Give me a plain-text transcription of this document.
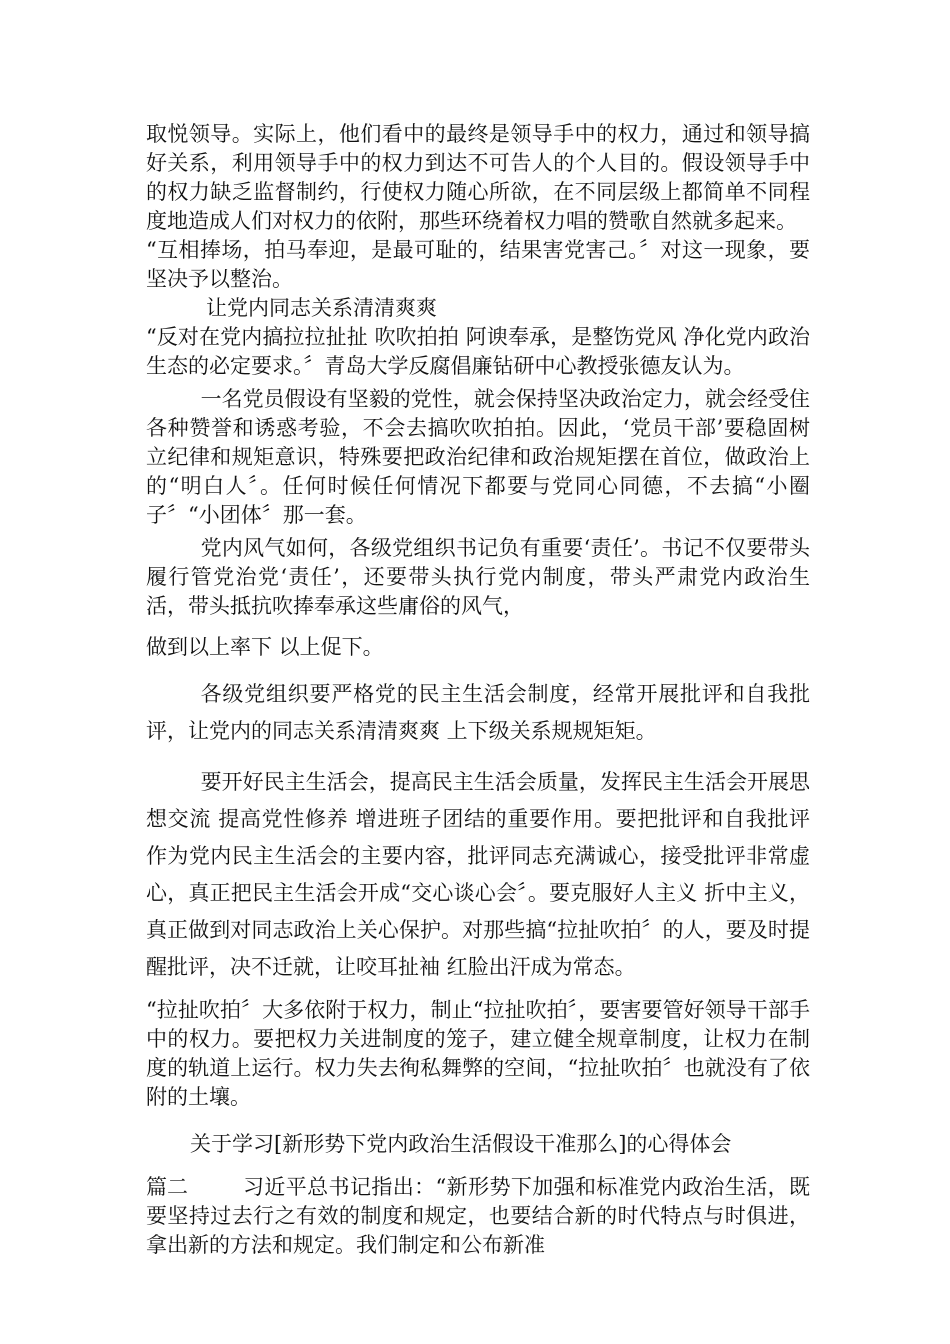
取悦领导。实际上，他们看中的最终是领导手中的权力，通过和领导搞好关系，利用领导手中的权力到达不可告人的个人目的。假设领导手中的权力缺乏监督制约，行使权力随心所欲，在不同层级上都简单不同程度地造成人们对权力的依附，那些环绕着权力唱的赞歌自然就多起来。

“互相捧场，拍马奉迎，是最可耻的，结果害党害己。〞对这一现象，要坚决予以整治。

让党内同志关系清清爽爽

“反对在党内搞拉拉扯扯 吹吹拍拍 阿谀奉承，是整饬党风 净化党内政治生态的必定要求。〞青岛大学反腐倡廉钻研中心教授张德友认为。

一名党员假设有坚毅的党性，就会保持坚决政治定力，就会经受住各种赞誉和诱惑考验，不会去搞吹吹拍拍。因此，‘党员干部’要稳固树立纪律和规矩意识，特殊要把政治纪律和政治规矩摆在首位，做政治上的“明白人〞。任何时候任何情况下都要与党同心同德，不去搞“小圈子〞“小团体〞那一套。

党内风气如何，各级党组织书记负有重要‘责任’。书记不仅要带头履行管党治党‘责任’，还要带头执行党内制度，带头严肃党内政治生活，带头抵抗吹捧奉承这些庸俗的风气，

做到以上率下 以上促下。

各级党组织要严格党的民主生活会制度，经常开展批评和自我批评，让党内的同志关系清清爽爽 上下级关系规规矩矩。

要开好民主生活会，提高民主生活会质量，发挥民主生活会开展思想交流 提高党性修养 增进班子团结的重要作用。要把批评和自我批评作为党内民主生活会的主要内容，批评同志充满诚心，接受批评非常虚心，真正把民主生活会开成“交心谈心会〞。要克服好人主义 折中主义，真正做到对同志政治上关心保护。对那些搞“拉扯吹拍〞的人，要及时提醒批评，决不迁就，让咬耳扯袖 红脸出汗成为常态。

“拉扯吹拍〞大多依附于权力，制止“拉扯吹拍〞，要害要管好领导干部手中的权力。要把权力关进制度的笼子，建立健全规章制度，让权力在制度的轨道上运行。权力失去徇私舞弊的空间，“拉扯吹拍〞也就没有了依附的土壤。

关于学习[新形势下党内政治生活假设干准那么]的心得体会

篇二	习近平总书记指出：“新形势下加强和标准党内政治生活，既要坚持过去行之有效的制度和规定，也要结合新的时代特点与时俱进，拿出新的方法和规定。我们制定和公布新准
